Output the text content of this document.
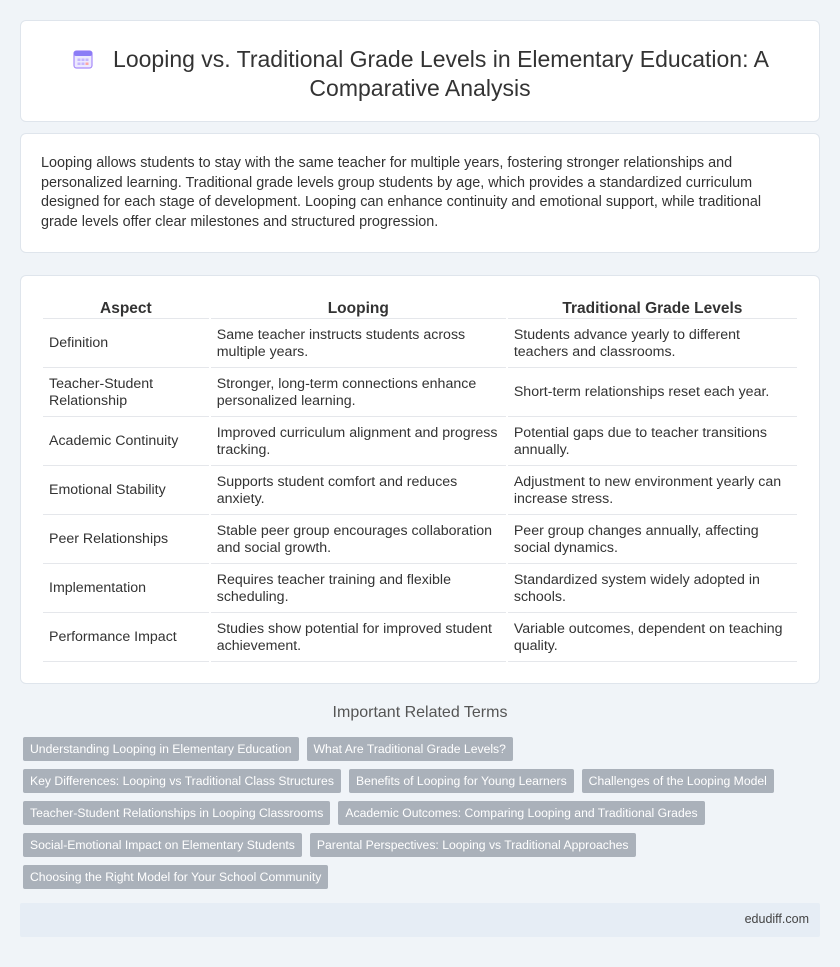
Looping vs. Traditional Grade Levels in Elementary Education: A Comparative Analysis

Looping allows students to stay with the same teacher for multiple years, fostering stronger relationships and personalized learning. Traditional grade levels group students by age, which provides a standardized curriculum designed for each stage of development. Looping can enhance continuity and emotional support, while traditional grade levels offer clear milestones and structured progression.

Aspect	Looping	Traditional Grade Levels
Definition	Same teacher instructs students across multiple years.	Students advance yearly to different teachers and classrooms.
Teacher-Student Relationship	Stronger, long-term connections enhance personalized learning.	Short-term relationships reset each year.
Academic Continuity	Improved curriculum alignment and progress tracking.	Potential gaps due to teacher transitions annually.
Emotional Stability	Supports student comfort and reduces anxiety.	Adjustment to new environment yearly can increase stress.
Peer Relationships	Stable peer group encourages collaboration and social growth.	Peer group changes annually, affecting social dynamics.
Implementation	Requires teacher training and flexible scheduling.	Standardized system widely adopted in schools.
Performance Impact	Studies show potential for improved student achievement.	Variable outcomes, dependent on teaching quality.
Important Related Terms
Understanding Looping in Elementary Education	What Are Traditional Grade Levels?
Key Differences: Looping vs Traditional Class Structures	Benefits of Looping for Young Learners	Challenges of the Looping Model
Teacher-Student Relationships in Looping Classrooms	Academic Outcomes: Comparing Looping and Traditional Grades
Social-Emotional Impact on Elementary Students	Parental Perspectives: Looping vs Traditional Approaches
Choosing the Right Model for Your School Community
edudiff.com
